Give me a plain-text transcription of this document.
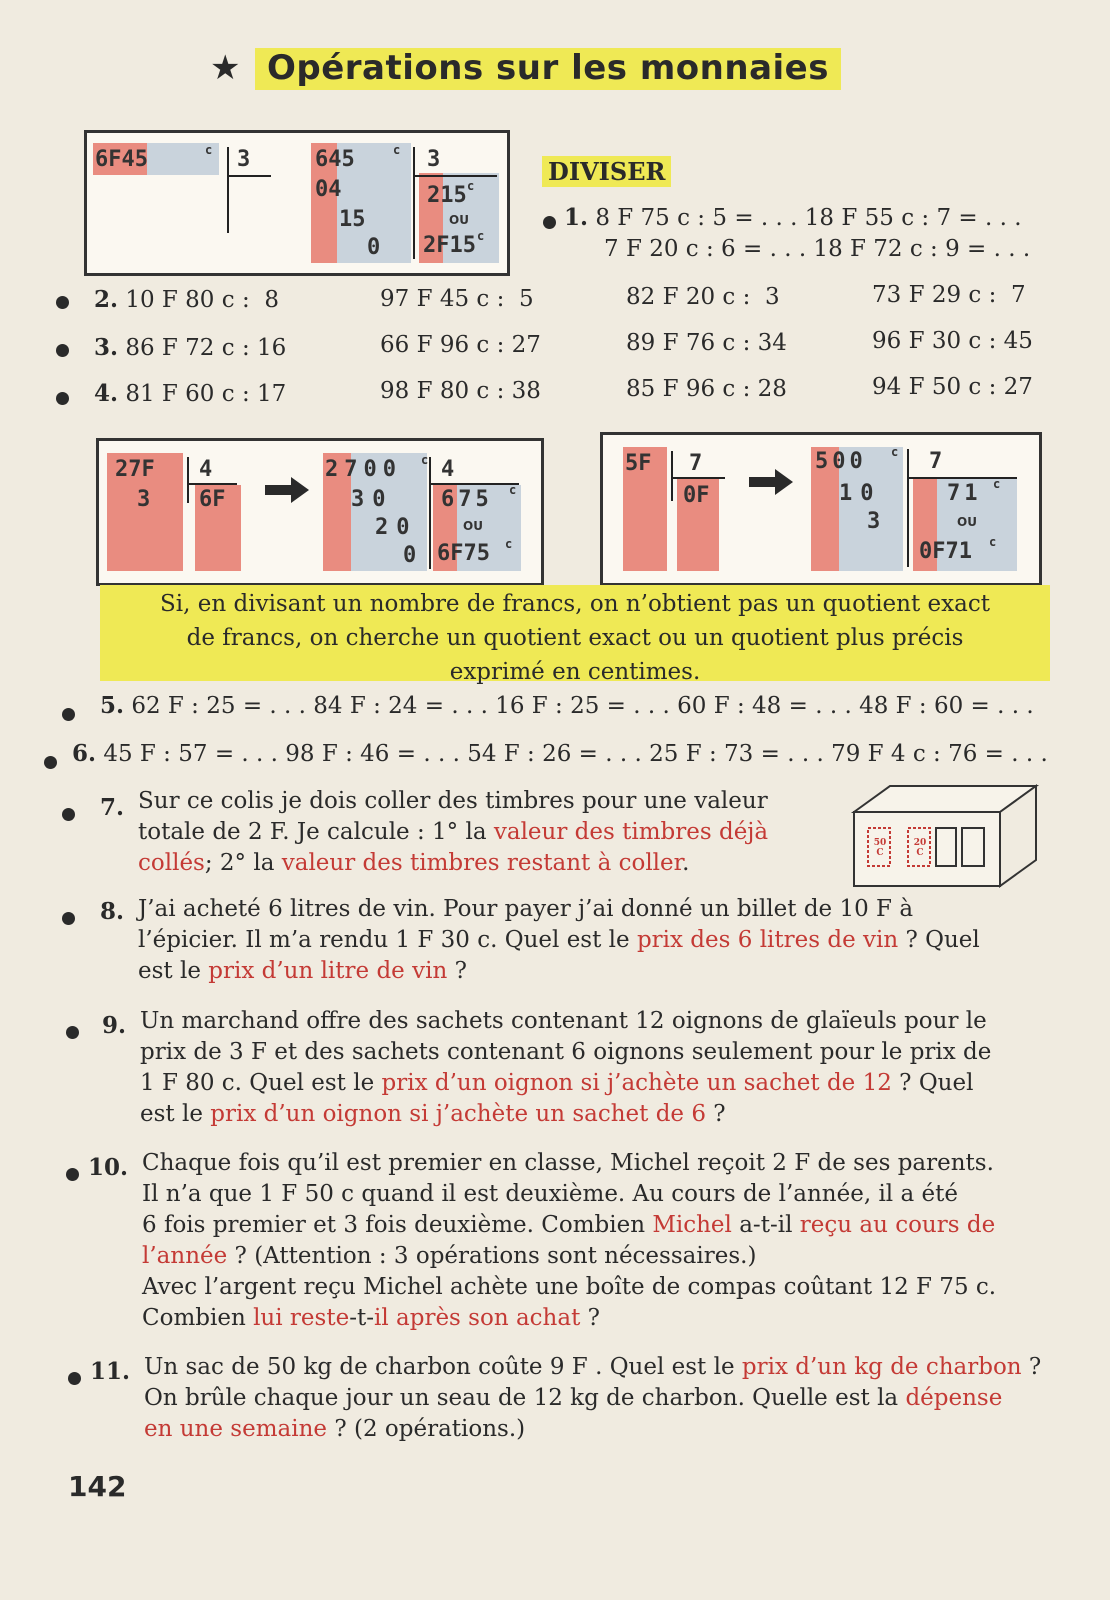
★ Opérations sur les monnaies
6F45	c 3	645	c 3
04
15
0
215 c
OU
2F15 c
DIVISER
1. 8 F 75 c : 5 = . . . 18 F 55 c : 7 = . . .
7 F 20 c : 6 = . . . 18 F 72 c : 9 = . . .
2. 10 F 80 c :  8	97 F 45 c :  5	82 F 20 c :  3	73 F 29 c :  7
3. 86 F 72 c : 16	66 F 96 c : 27	89 F 76 c : 34	96 F 30 c : 45
4. 81 F 60 c : 17	98 F 80 c : 38	85 F 96 c : 28	94 F 50 c : 27
27F 4
3 6F
2700 c 4
30
20
0
675 c
OU
6F75 c
5F 7
0F
500 c 7
10
3
71 c
OU
0F71 c

Si, en divisant un nombre de francs, on n’obtient pas un quotient exact

de francs, on cherche un quotient exact ou un quotient plus précis

exprimé en centimes.

5. 62 F : 25 = . . . 84 F : 24 = . . . 16 F : 25 = . . . 60 F : 48 = . . . 48 F : 60 = . . .
6. 45 F : 57 = . . . 98 F : 46 = . . . 54 F : 26 = . . . 25 F : 73 = . . . 79 F 4 c : 76 = . . .
7. Sur ce colis je dois coller des timbres pour une valeur

totale de 2 F. Je calcule : 1° la valeur des timbres déjà

collés; 2° la valeur des timbres restant à coller.

50 C
20 C
8. J’ai acheté 6 litres de vin. Pour payer j’ai donné un billet de 10 F à

l’épicier. Il m’a rendu 1 F 30 c. Quel est le prix des 6 litres de vin ? Quel

est le prix d’un litre de vin ?

9. Un marchand offre des sachets contenant 12 oignons de glaïeuls pour le

prix de 3 F et des sachets contenant 6 oignons seulement pour le prix de

1 F 80 c. Quel est le prix d’un oignon si j’achète un sachet de 12 ? Quel

est le prix d’un oignon si j’achète un sachet de 6 ?

10. Chaque fois qu’il est premier en classe, Michel reçoit 2 F de ses parents.

Il n’a que 1 F 50 c quand il est deuxième. Au cours de l’année, il a été

6 fois premier et 3 fois deuxième. Combien Michel a-t-il reçu au cours de

l’année ? (Attention : 3 opérations sont nécessaires.)

Avec l’argent reçu Michel achète une boîte de compas coûtant 12 F 75 c.

Combien lui reste-t-il après son achat ?

11. Un sac de 50 kg de charbon coûte 9 F . Quel est le prix d’un kg de charbon ?

On brûle chaque jour un seau de 12 kg de charbon. Quelle est la dépense

en une semaine ? (2 opérations.)

142
